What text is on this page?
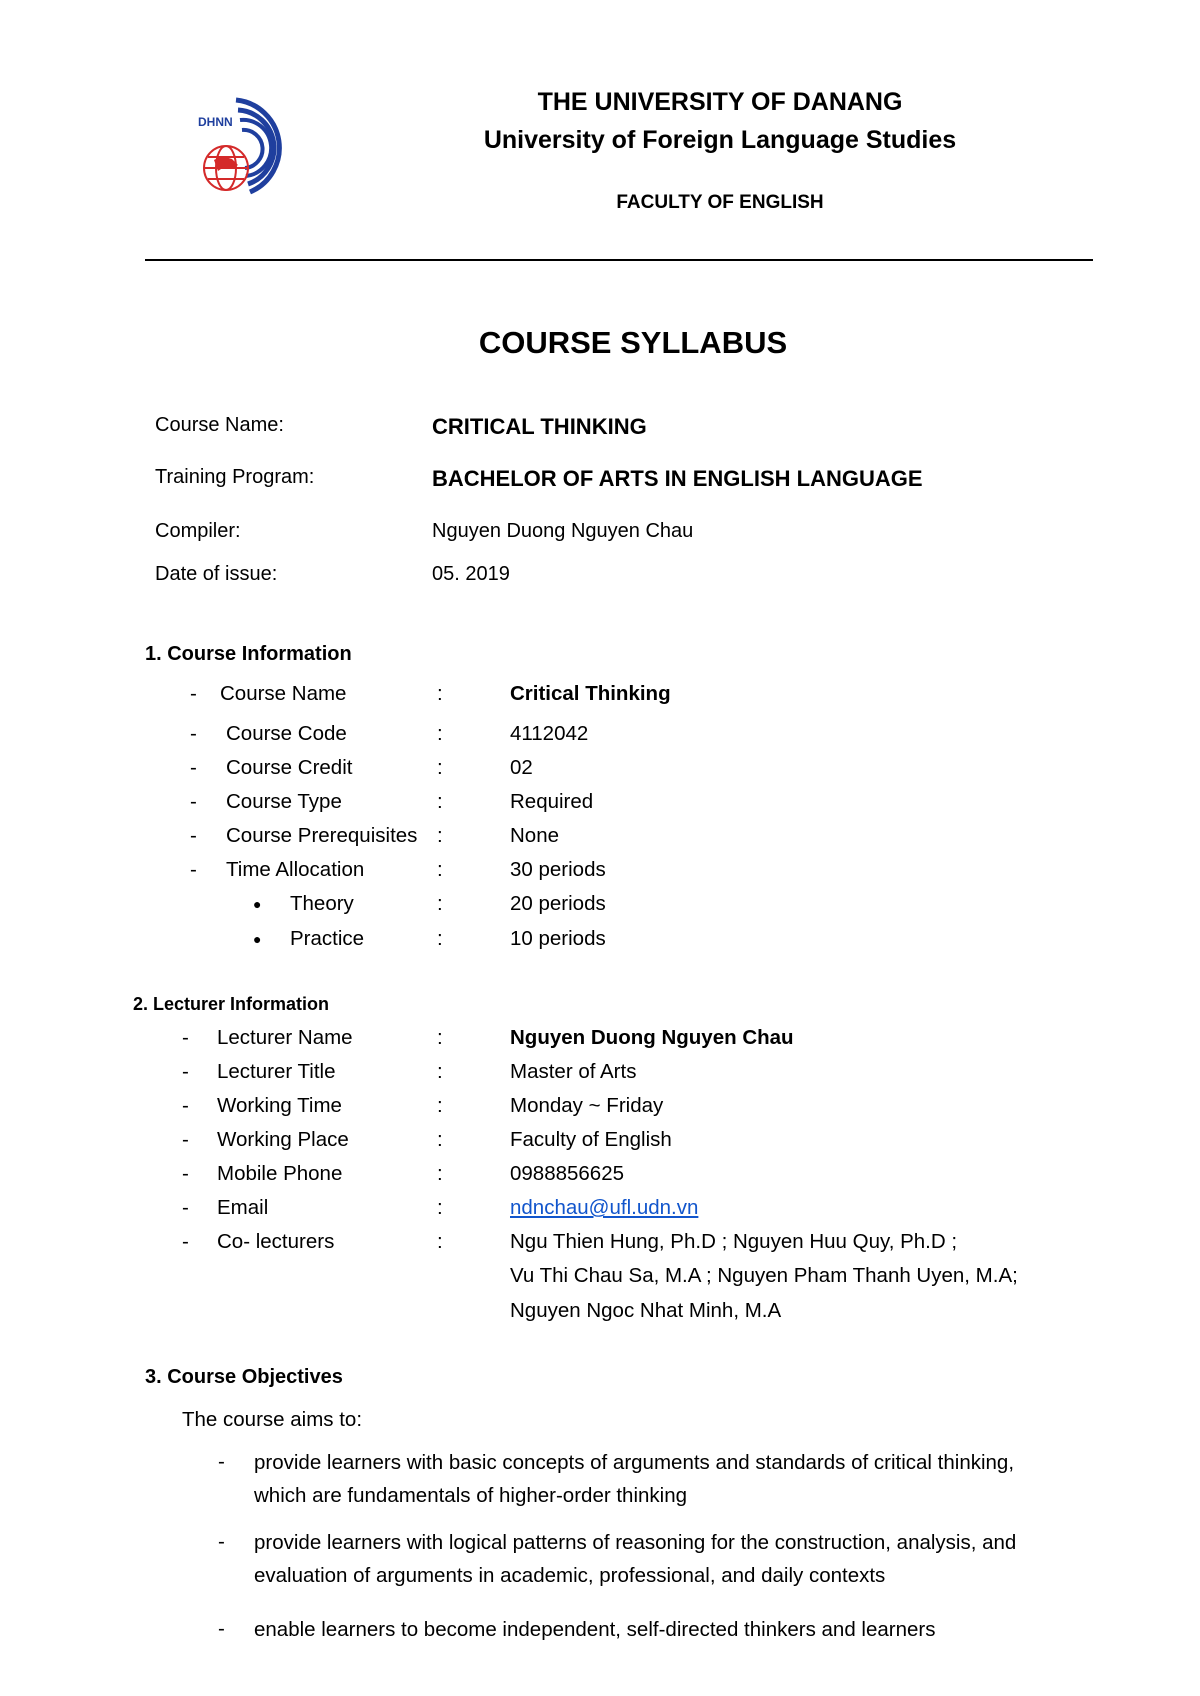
DHNN
THE UNIVERSITY OF DANANG
University of Foreign Language Studies
FACULTY OF ENGLISH
COURSE SYLLABUS
Course Name:	CRITICAL THINKING
Training Program:	BACHELOR OF ARTS IN ENGLISH LANGUAGE
Compiler:	Nguyen Duong Nguyen Chau
Date of issue:	05. 2019
1. Course Information
- Course Name	:	Critical Thinking
- Course Code	:	4112042
- Course Credit	:	02
- Course Type	:	Required
- Course Prerequisites :	None
- Time Allocation	:	30 periods
● Theory	:	20 periods
● Practice	:	10 periods
2. Lecturer Information
- Lecturer Name	:	Nguyen Duong Nguyen Chau
- Lecturer Title	:	Master of Arts
- Working Time	:	Monday ~ Friday
- Working Place	:	Faculty of English
- Mobile Phone	:	0988856625
- Email	:	ndnchau@ufl.udn.vn
- Co- lecturers	:	Ngu Thien Hung, Ph.D ; Nguyen Huu Quy, Ph.D ;
Vu Thi Chau Sa, M.A ; Nguyen Pham Thanh Uyen, M.A;
Nguyen Ngoc Nhat Minh, M.A
3. Course Objectives
The course aims to:
- provide learners with basic concepts of arguments and standards of critical thinking,
which are fundamentals of higher-order thinking
- provide learners with logical patterns of reasoning for the construction, analysis, and
evaluation of arguments in academic, professional, and daily contexts
- enable learners to become independent, self-directed thinkers and learners
